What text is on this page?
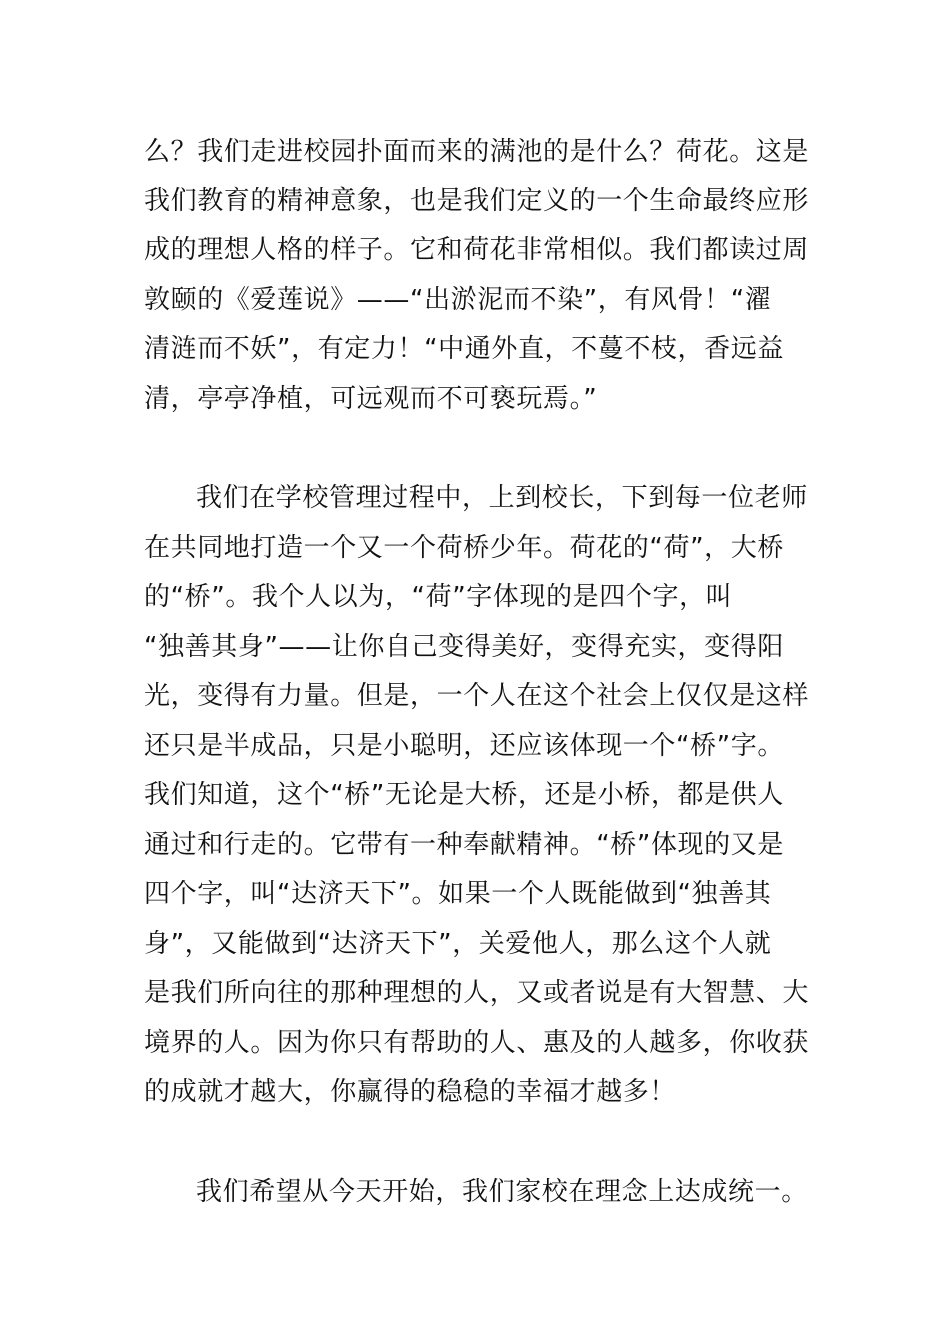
么？我们走进校园扑面而来的满池的是什么？荷花。这是
我们教育的精神意象，也是我们定义的一个生命最终应形
成的理想人格的样子。它和荷花非常相似。我们都读过周
敦颐的《爱莲说》——“出淤泥而不染”，有风骨！“濯
清涟而不妖”，有定力！“中通外直，不蔓不枝，香远益
清，亭亭净植，可远观而不可亵玩焉。”
我们在学校管理过程中，上到校长，下到每一位老师
在共同地打造一个又一个荷桥少年。荷花的“荷”，大桥
的“桥”。我个人以为，“荷”字体现的是四个字，叫
“独善其身”——让你自己变得美好，变得充实，变得阳
光，变得有力量。但是，一个人在这个社会上仅仅是这样
还只是半成品，只是小聪明，还应该体现一个“桥”字。
我们知道，这个“桥”无论是大桥，还是小桥，都是供人
通过和行走的。它带有一种奉献精神。“桥”体现的又是
四个字，叫“达济天下”。如果一个人既能做到“独善其
身”，又能做到“达济天下”，关爱他人，那么这个人就
是我们所向往的那种理想的人，又或者说是有大智慧、大
境界的人。因为你只有帮助的人、惠及的人越多，你收获
的成就才越大，你赢得的稳稳的幸福才越多！
我们希望从今天开始，我们家校在理念上达成统一。
